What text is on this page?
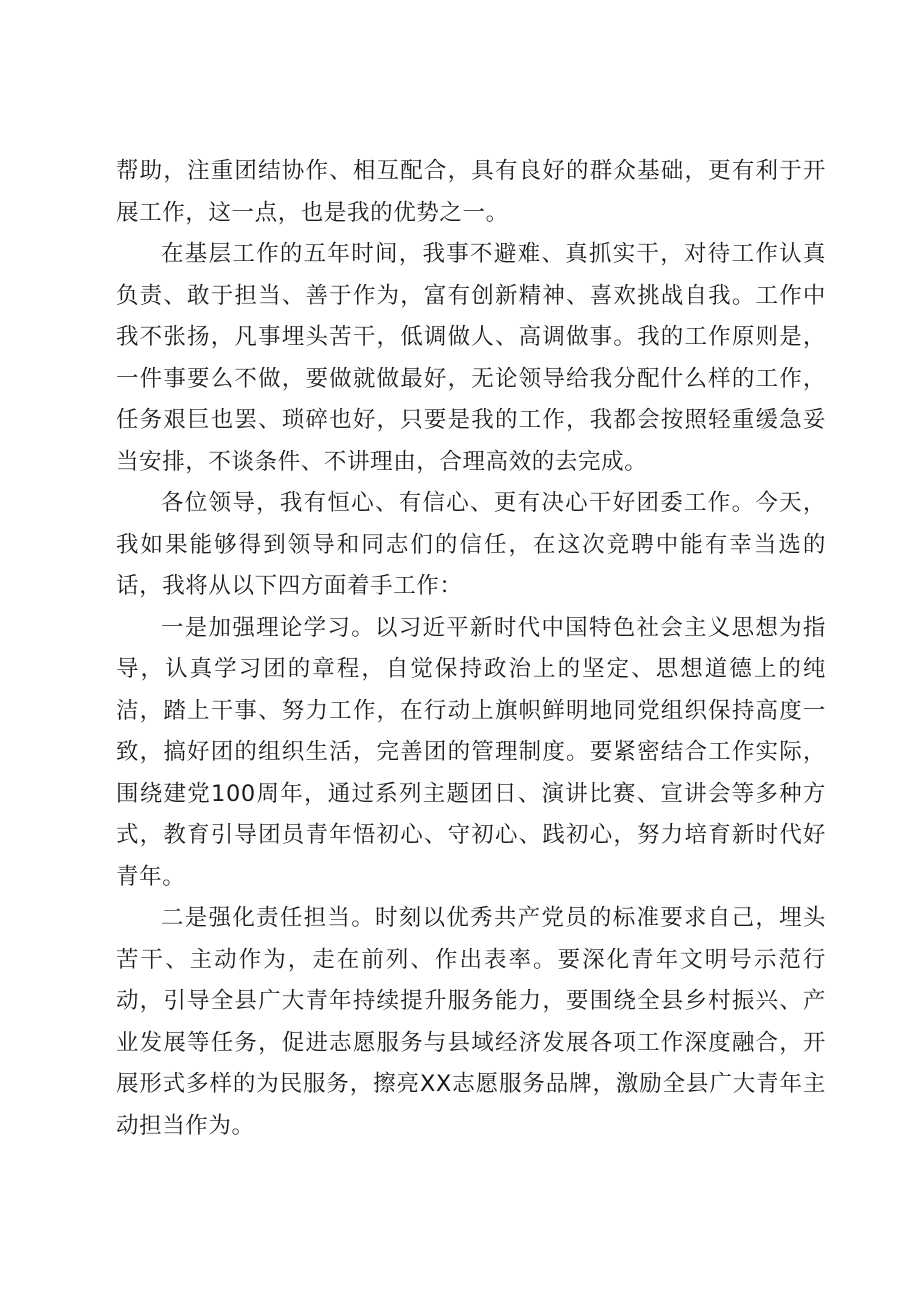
帮助，注重团结协作、相互配合，具有良好的群众基础，更有利于开展工作，这一点，也是我的优势之一。

在基层工作的五年时间，我事不避难、真抓实干，对待工作认真负责、敢于担当、善于作为，富有创新精神、喜欢挑战自我。工作中我不张扬，凡事埋头苦干，低调做人、高调做事。我的工作原则是，一件事要么不做，要做就做最好，无论领导给我分配什么样的工作，任务艰巨也罢、琐碎也好，只要是我的工作，我都会按照轻重缓急妥当安排，不谈条件、不讲理由，合理高效的去完成。

各位领导，我有恒心、有信心、更有决心干好团委工作。今天，我如果能够得到领导和同志们的信任，在这次竞聘中能有幸当选的话，我将从以下四方面着手工作：

一是加强理论学习。以习近平新时代中国特色社会主义思想为指导，认真学习团的章程，自觉保持政治上的坚定、思想道德上的纯洁，踏上干事、努力工作，在行动上旗帜鲜明地同党组织保持高度一致，搞好团的组织生活，完善团的管理制度。要紧密结合工作实际，围绕建党100周年，通过系列主题团日、演讲比赛、宣讲会等多种方式，教育引导团员青年悟初心、守初心、践初心，努力培育新时代好青年。

二是强化责任担当。时刻以优秀共产党员的标准要求自己，埋头苦干、主动作为，走在前列、作出表率。要深化青年文明号示范行动，引导全县广大青年持续提升服务能力，要围绕全县乡村振兴、产业发展等任务，促进志愿服务与县域经济发展各项工作深度融合，开展形式多样的为民服务，擦亮XX志愿服务品牌，激励全县广大青年主动担当作为。
